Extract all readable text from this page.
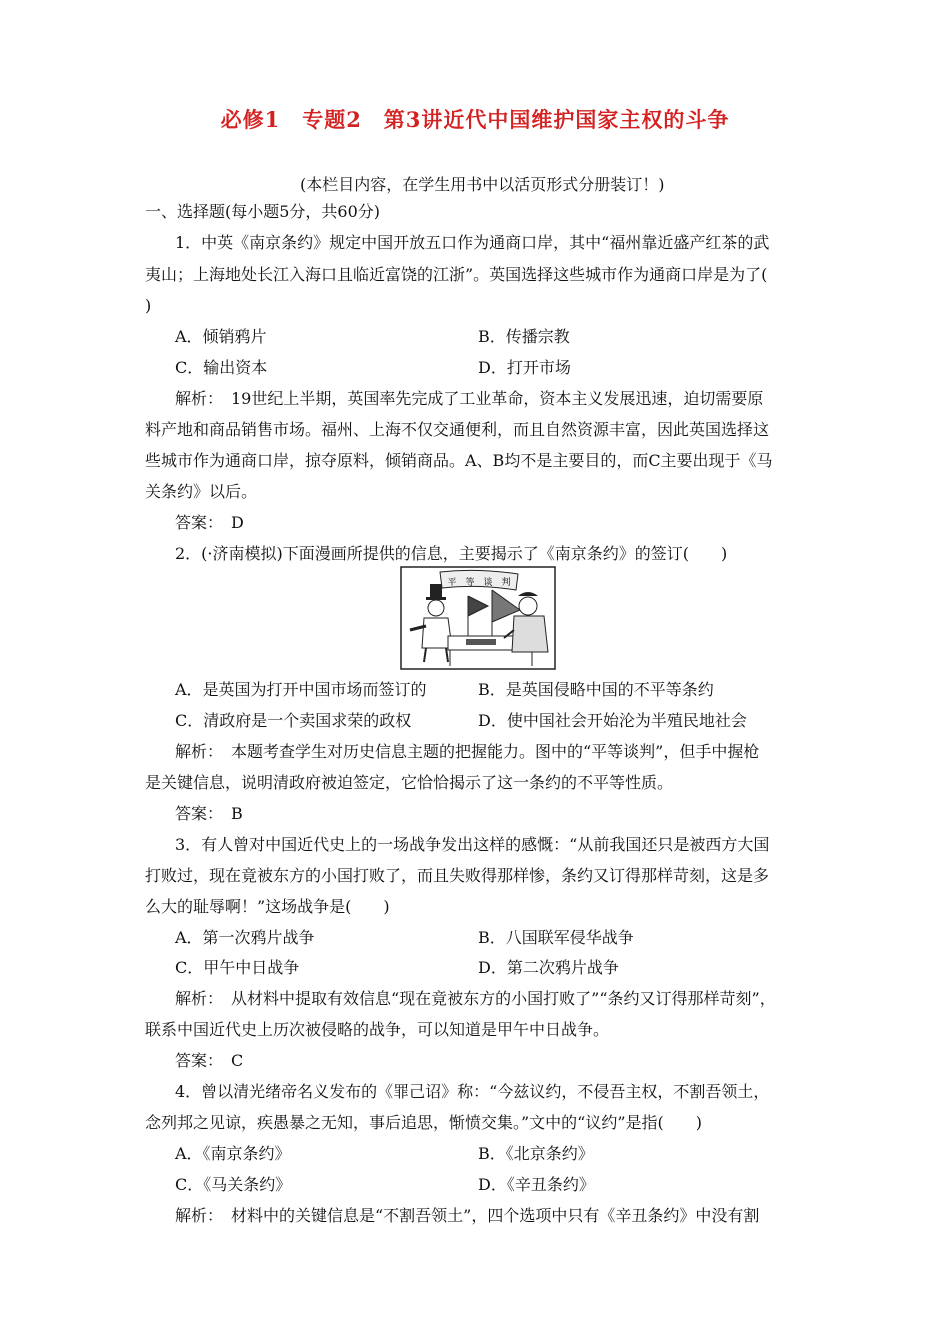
必修1　专题2　第3讲近代中国维护国家主权的斗争
(本栏目内容，在学生用书中以活页形式分册装订！)
一、选择题(每小题5分，共60分)
1．中英《南京条约》规定中国开放五口作为通商口岸，其中“福州靠近盛产红茶的武
夷山；上海地处长江入海口且临近富饶的江浙”。英国选择这些城市作为通商口岸是为了(
)
A．倾销鸦片	B．传播宗教
C．输出资本	D．打开市场
解析：　19世纪上半期，英国率先完成了工业革命，资本主义发展迅速，迫切需要原
料产地和商品销售市场。福州、上海不仅交通便利，而且自然资源丰富，因此英国选择这
些城市作为通商口岸，掠夺原料，倾销商品。A、B均不是主要目的，而C主要出现于《马
关条约》以后。
答案：　D
2．(·济南模拟)下面漫画所提供的信息，主要揭示了《南京条约》的签订(　　)
平　等　谈　判
A．是英国为打开中国市场而签订的	B．是英国侵略中国的不平等条约
C．清政府是一个卖国求荣的政权	D．使中国社会开始沦为半殖民地社会
解析：　本题考查学生对历史信息主题的把握能力。图中的“平等谈判”，但手中握枪
是关键信息，说明清政府被迫签定，它恰恰揭示了这一条约的不平等性质。
答案：　B
3．有人曾对中国近代史上的一场战争发出这样的感慨：“从前我国还只是被西方大国
打败过，现在竟被东方的小国打败了，而且失败得那样惨，条约又订得那样苛刻，这是多
么大的耻辱啊！”这场战争是(　　)
A．第一次鸦片战争	B．八国联军侵华战争
C．甲午中日战争	D．第二次鸦片战争
解析：　从材料中提取有效信息“现在竟被东方的小国打败了”“条约又订得那样苛刻”，
联系中国近代史上历次被侵略的战争，可以知道是甲午中日战争。
答案：　C
4．曾以清光绪帝名义发布的《罪己诏》称：“今兹议约，不侵吾主权，不割吾领土，
念列邦之见谅，疾愚暴之无知，事后追思，惭愤交集。”文中的“议约”是指(　　)
A．《南京条约》	B．《北京条约》
C．《马关条约》	D．《辛丑条约》
解析：　材料中的关键信息是“不割吾领土”，四个选项中只有《辛丑条约》中没有割
